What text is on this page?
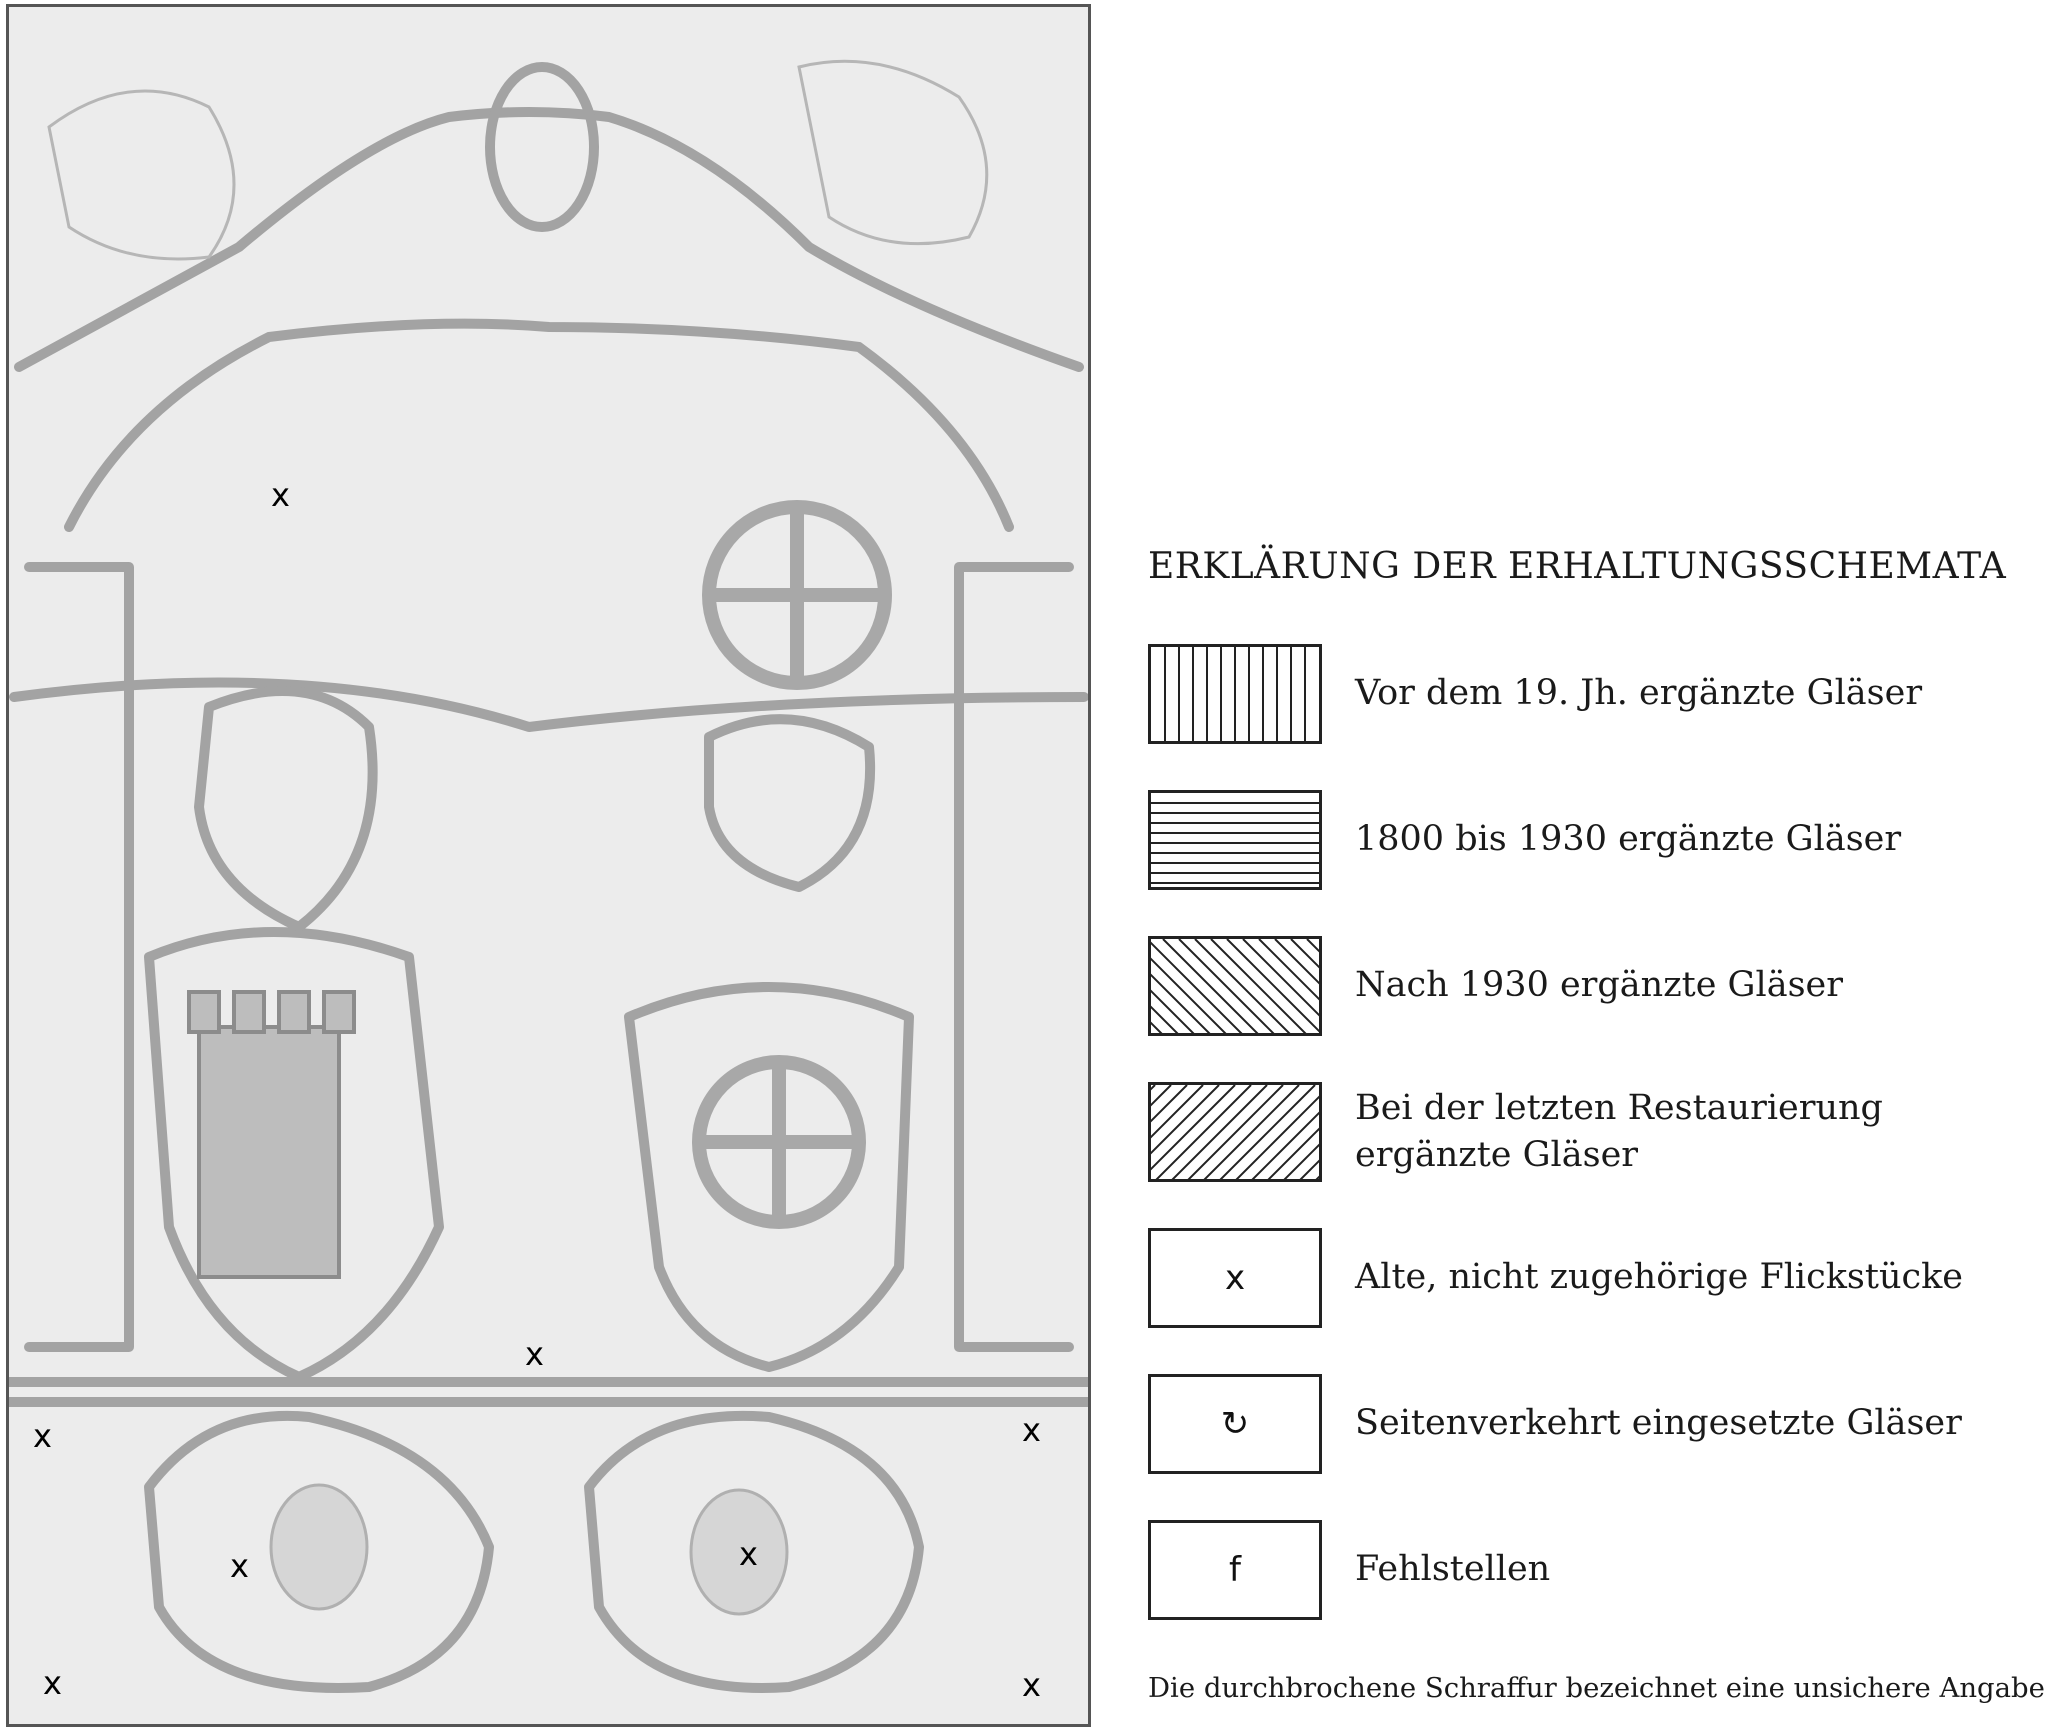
x
x
x	x
x	x
x	x
ERKLÄRUNG DER ERHALTUNGSSCHEMATA
Vor dem 19. Jh. ergänzte Gläser
1800 bis 1930 ergänzte Gläser
Nach 1930 ergänzte Gläser
Bei der letzten Restaurierung ergänzte Gläser
x	Alte, nicht zugehörige Flickstücke
↻	Seitenverkehrt eingesetzte Gläser
f	Fehlstellen
Die durchbrochene Schraffur bezeichnet eine unsichere Angabe
